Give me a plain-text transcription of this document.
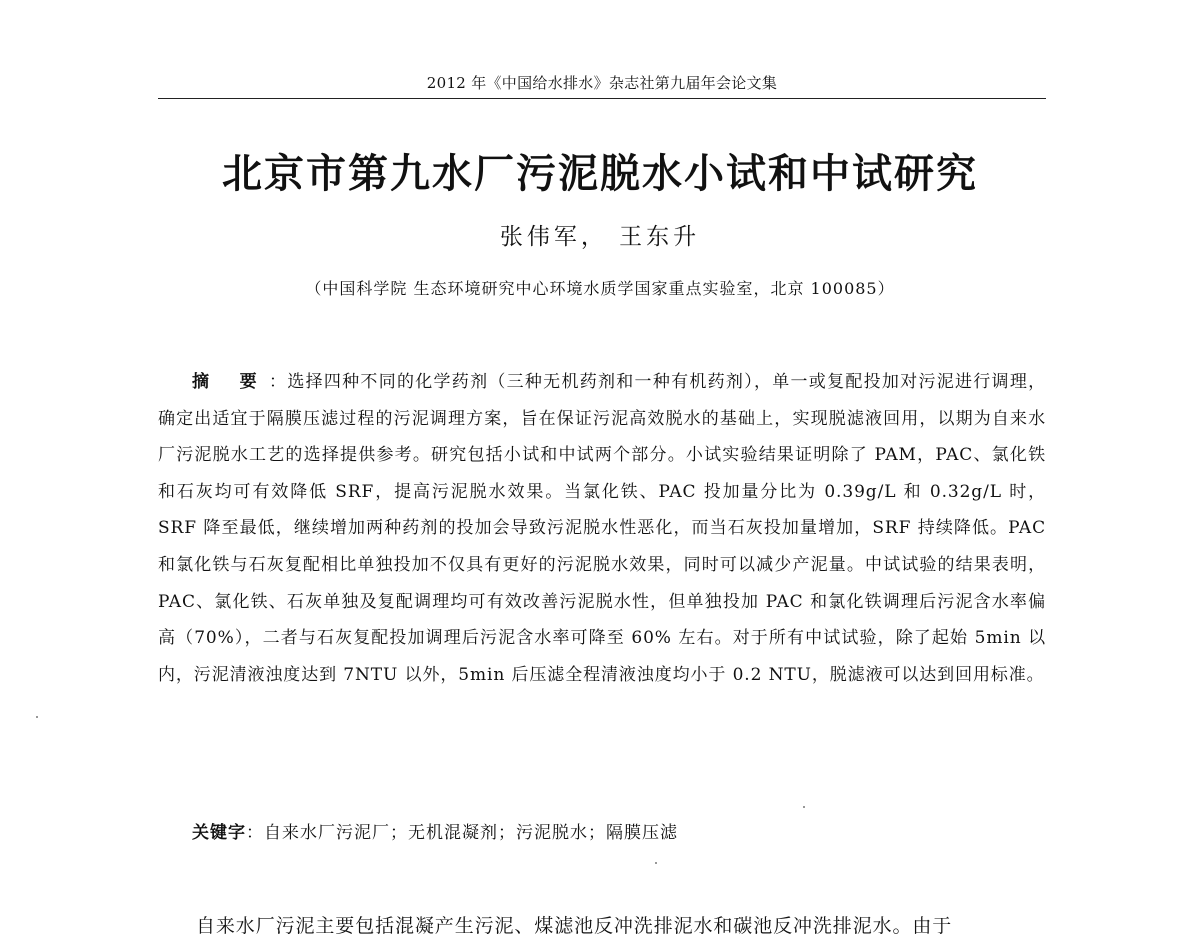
2012 年《中国给水排水》杂志社第九届年会论文集
北京市第九水厂污泥脱水小试和中试研究
张伟军， 王东升
（中国科学院 生态环境研究中心环境水质学国家重点实验室，北京 100085）

摘 要：选择四种不同的化学药剂（三种无机药剂和一种有机药剂），单一或复配投加对污泥进行调理，确定出适宜于隔膜压滤过程的污泥调理方案，旨在保证污泥高效脱水的基础上，实现脱滤液回用，以期为自来水厂污泥脱水工艺的选择提供参考。研究包括小试和中试两个部分。小试实验结果证明除了 PAM，PAC、氯化铁和石灰均可有效降低 SRF，提高污泥脱水效果。当氯化铁、PAC 投加量分比为 0.39g/L 和 0.32g/L 时，SRF 降至最低，继续增加两种药剂的投加会导致污泥脱水性恶化，而当石灰投加量增加，SRF 持续降低。PAC 和氯化铁与石灰复配相比单独投加不仅具有更好的污泥脱水效果，同时可以减少产泥量。中试试验的结果表明，PAC、氯化铁、石灰单独及复配调理均可有效改善污泥脱水性，但单独投加 PAC 和氯化铁调理后污泥含水率偏高（70%），二者与石灰复配投加调理后污泥含水率可降至 60% 左右。对于所有中试试验，除了起始 5min 以内，污泥清液浊度达到 7NTU 以外，5min 后压滤全程清液浊度均小于 0.2 NTU，脱滤液可以达到回用标准。

关键字：自来水厂污泥厂；无机混凝剂；污泥脱水；隔膜压滤

自来水厂污泥主要包括混凝产生污泥、煤滤池反冲洗排泥水和碳池反冲洗排泥水。由于
